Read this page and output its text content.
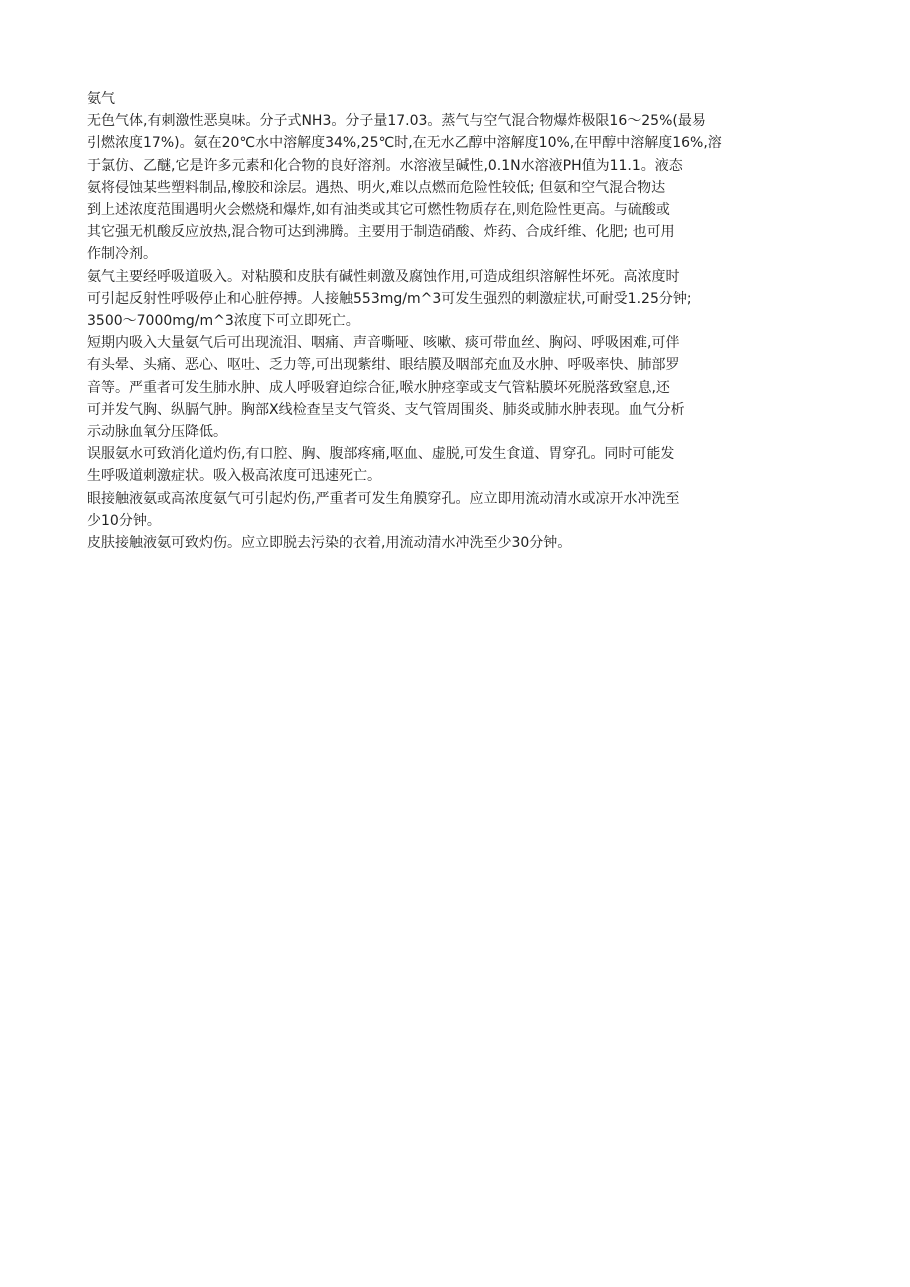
氨气
无色气体,有刺激性恶臭味。分子式NH3。分子量17.03。蒸气与空气混合物爆炸极限16～25%(最易
引燃浓度17%)。氨在20℃水中溶解度34%,25℃时,在无水乙醇中溶解度10%,在甲醇中溶解度16%,溶
于氯仿、乙醚,它是许多元素和化合物的良好溶剂。水溶液呈碱性,0.1N水溶液PH值为11.1。液态
氨将侵蚀某些塑料制品,橡胶和涂层。遇热、明火,难以点燃而危险性较低; 但氨和空气混合物达
到上述浓度范围遇明火会燃烧和爆炸,如有油类或其它可燃性物质存在,则危险性更高。与硫酸或
其它强无机酸反应放热,混合物可达到沸腾。主要用于制造硝酸、炸药、合成纤维、化肥; 也可用
作制冷剂。
氨气主要经呼吸道吸入。对粘膜和皮肤有碱性刺激及腐蚀作用,可造成组织溶解性坏死。高浓度时
可引起反射性呼吸停止和心脏停搏。人接触553mg/m^3可发生强烈的刺激症状,可耐受1.25分钟;
3500～7000mg/m^3浓度下可立即死亡。
短期内吸入大量氨气后可出现流泪、咽痛、声音嘶哑、咳嗽、痰可带血丝、胸闷、呼吸困难,可伴
有头晕、头痛、恶心、呕吐、乏力等,可出现紫绀、眼结膜及咽部充血及水肿、呼吸率快、肺部罗
音等。严重者可发生肺水肿、成人呼吸窘迫综合征,喉水肿痉挛或支气管粘膜坏死脱落致窒息,还
可并发气胸、纵膈气肿。胸部X线检查呈支气管炎、支气管周围炎、肺炎或肺水肿表现。血气分析
示动脉血氧分压降低。
误服氨水可致消化道灼伤,有口腔、胸、腹部疼痛,呕血、虚脱,可发生食道、胃穿孔。同时可能发
生呼吸道刺激症状。吸入极高浓度可迅速死亡。
眼接触液氨或高浓度氨气可引起灼伤,严重者可发生角膜穿孔。应立即用流动清水或凉开水冲洗至
少10分钟。
皮肤接触液氨可致灼伤。应立即脱去污染的衣着,用流动清水冲洗至少30分钟。
